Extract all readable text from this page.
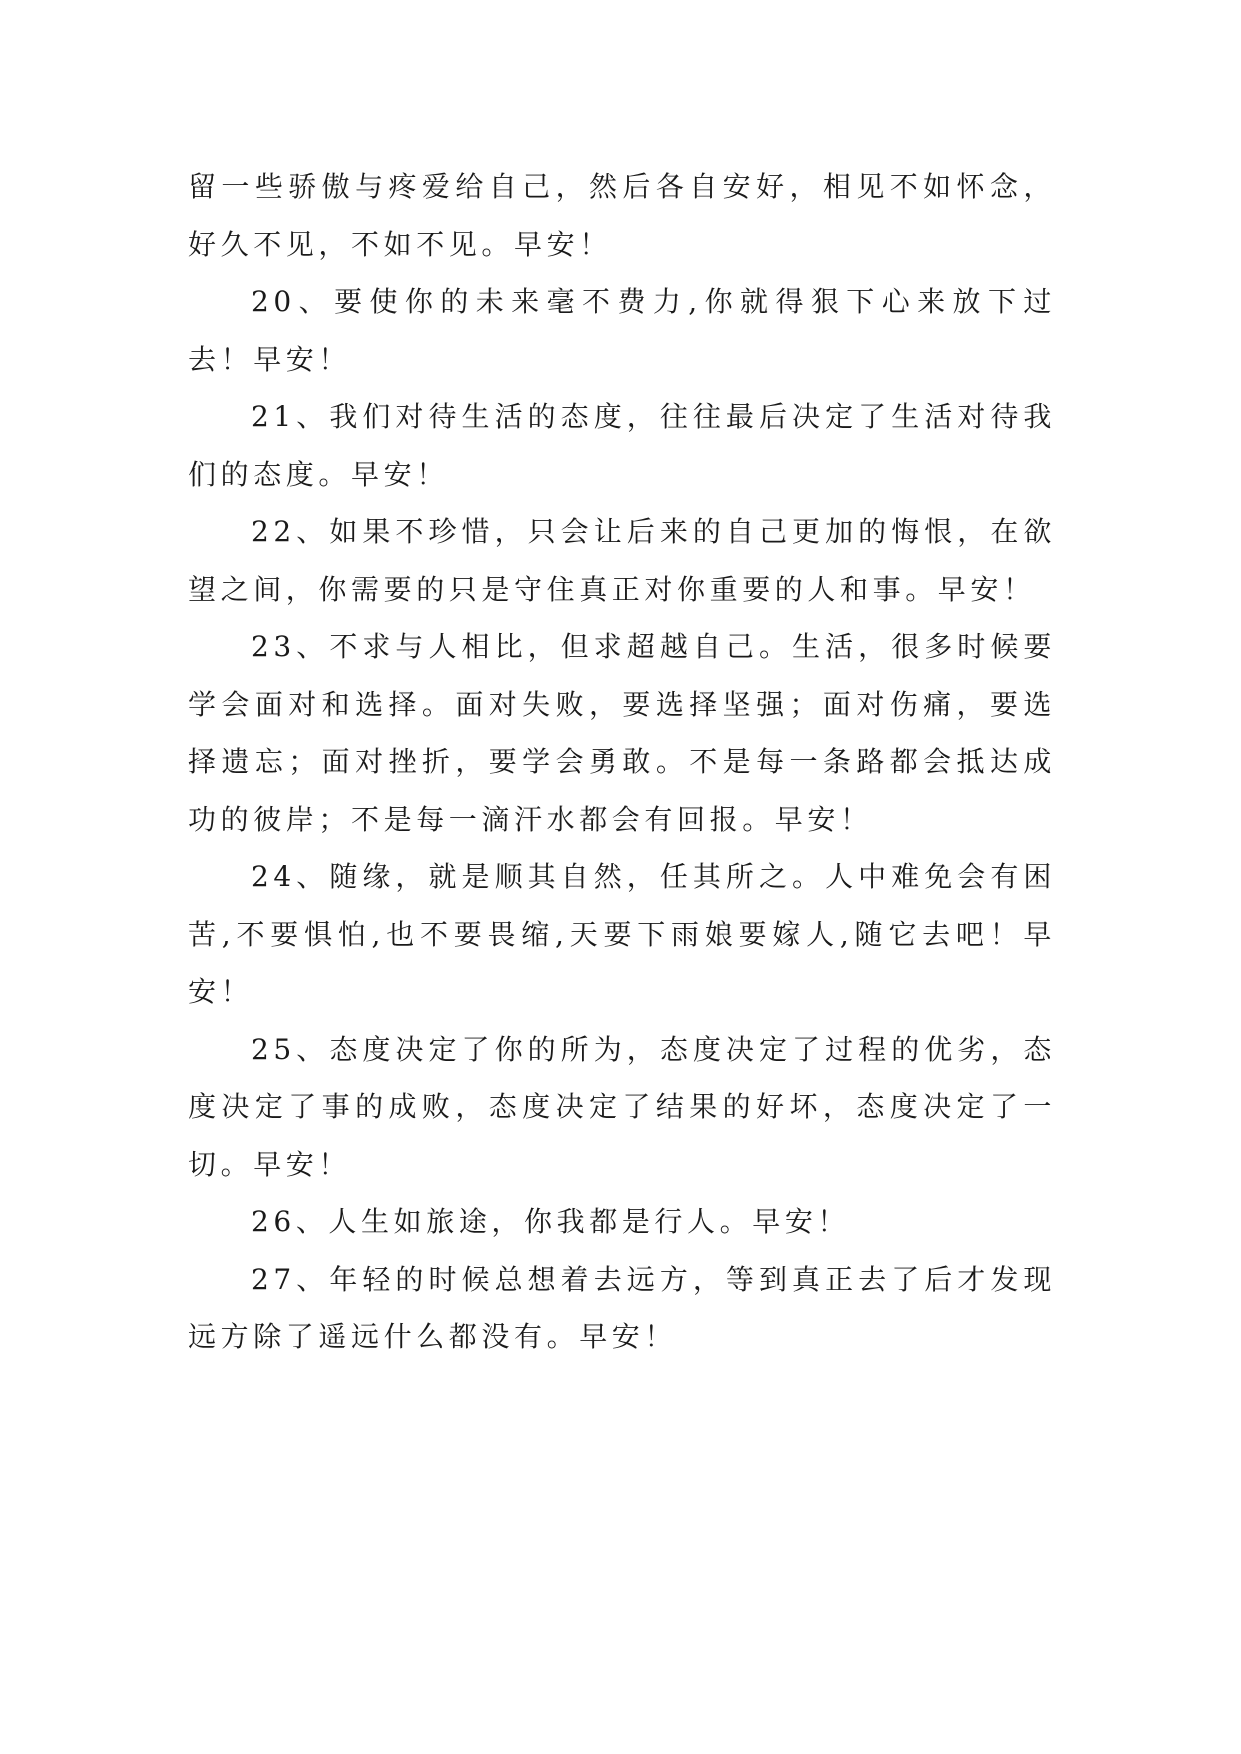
留一些骄傲与疼爱给自己，然后各自安好，相见不如怀念，好久不见，不如不见。早安！

20、要使你的未来毫不费力,你就得狠下心来放下过去！早安！

21、我们对待生活的态度，往往最后决定了生活对待我们的态度。早安！

22、如果不珍惜，只会让后来的自己更加的悔恨，在欲望之间，你需要的只是守住真正对你重要的人和事。早安！

23、不求与人相比，但求超越自己。生活，很多时候要学会面对和选择。面对失败，要选择坚强；面对伤痛，要选择遗忘；面对挫折，要学会勇敢。不是每一条路都会抵达成功的彼岸；不是每一滴汗水都会有回报。早安！

24、随缘，就是顺其自然，任其所之。人中难免会有困苦,不要惧怕,也不要畏缩,天要下雨娘要嫁人,随它去吧！早安！

25、态度决定了你的所为，态度决定了过程的优劣，态度决定了事的成败，态度决定了结果的好坏，态度决定了一切。早安！

26、人生如旅途，你我都是行人。早安！

27、年轻的时候总想着去远方，等到真正去了后才发现远方除了遥远什么都没有。早安！
